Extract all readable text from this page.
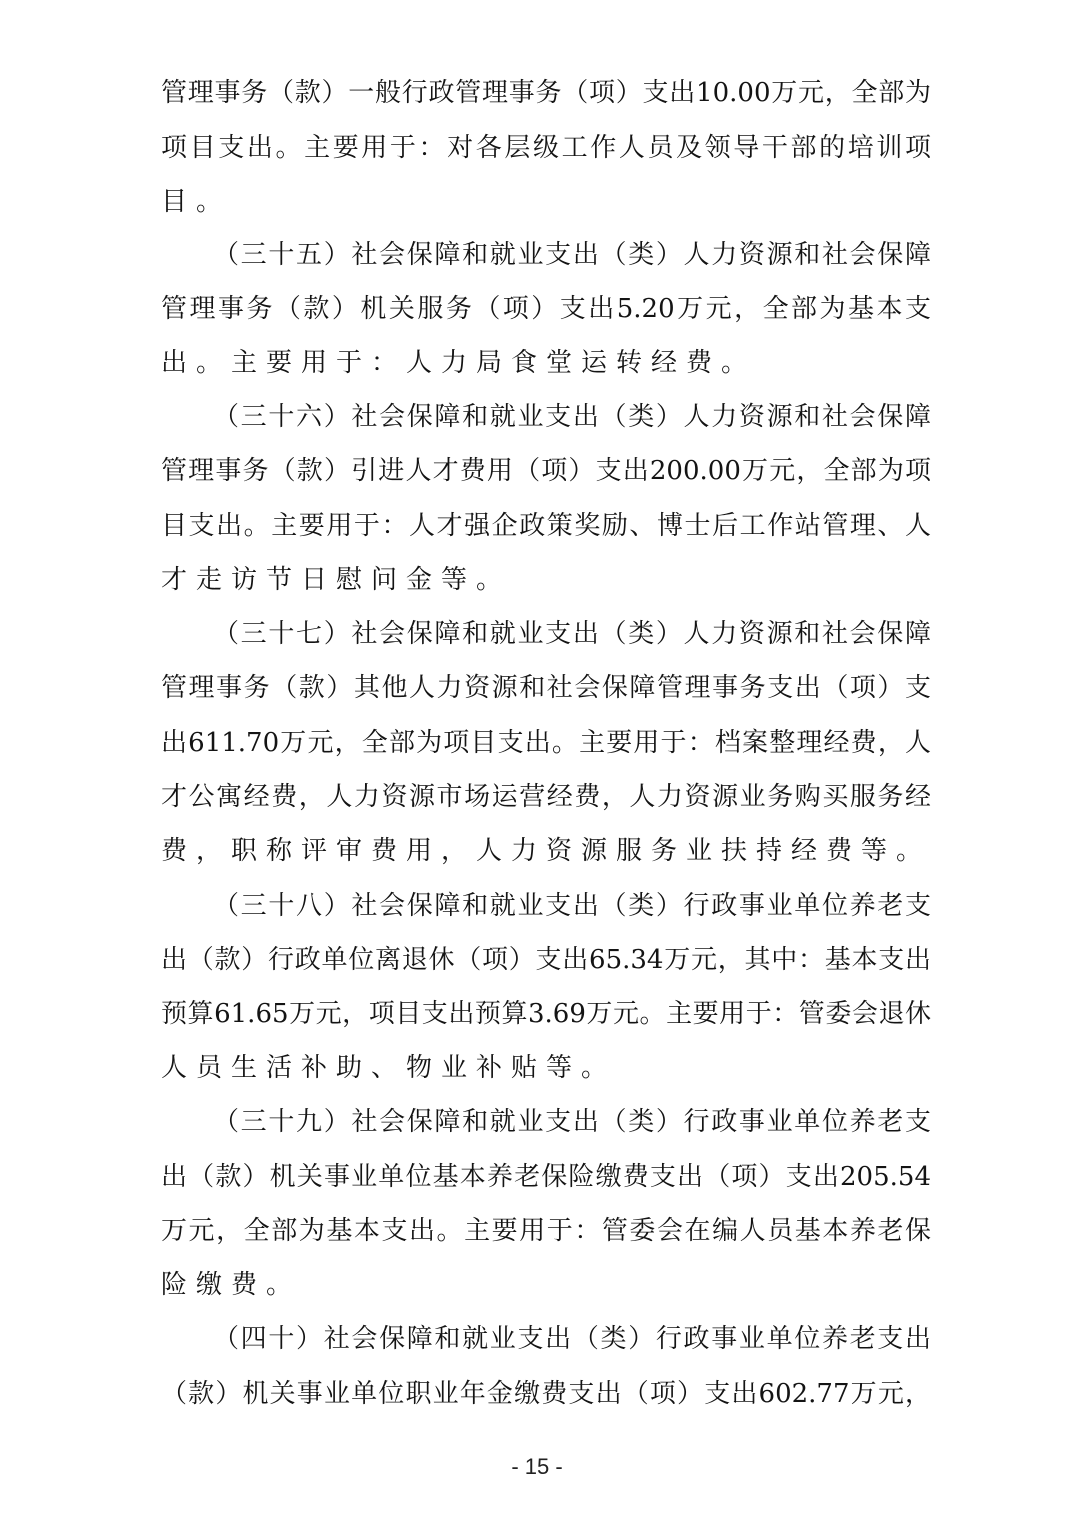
管理事务（款）一般行政管理事务（项）支出10.00万元，全部为
项目支出。主要用于：对各层级工作人员及领导干部的培训项
目。
（三十五）社会保障和就业支出（类）人力资源和社会保障
管理事务（款）机关服务（项）支出5.20万元，全部为基本支
出。主要用于：人力局食堂运转经费。
（三十六）社会保障和就业支出（类）人力资源和社会保障
管理事务（款）引进人才费用（项）支出200.00万元，全部为项
目支出。主要用于：人才强企政策奖励、博士后工作站管理、人
才走访节日慰问金等。
（三十七）社会保障和就业支出（类）人力资源和社会保障
管理事务（款）其他人力资源和社会保障管理事务支出（项）支
出611.70万元，全部为项目支出。主要用于：档案整理经费，人
才公寓经费，人力资源市场运营经费，人力资源业务购买服务经
费，职称评审费用，人力资源服务业扶持经费等。
（三十八）社会保障和就业支出（类）行政事业单位养老支
出（款）行政单位离退休（项）支出65.34万元，其中：基本支出
预算61.65万元，项目支出预算3.69万元。主要用于：管委会退休
人员生活补助、物业补贴等。
（三十九）社会保障和就业支出（类）行政事业单位养老支
出（款）机关事业单位基本养老保险缴费支出（项）支出205.54
万元，全部为基本支出。主要用于：管委会在编人员基本养老保
险缴费。
（四十）社会保障和就业支出（类）行政事业单位养老支出
（款）机关事业单位职业年金缴费支出（项）支出602.77万元，
- 15 -
